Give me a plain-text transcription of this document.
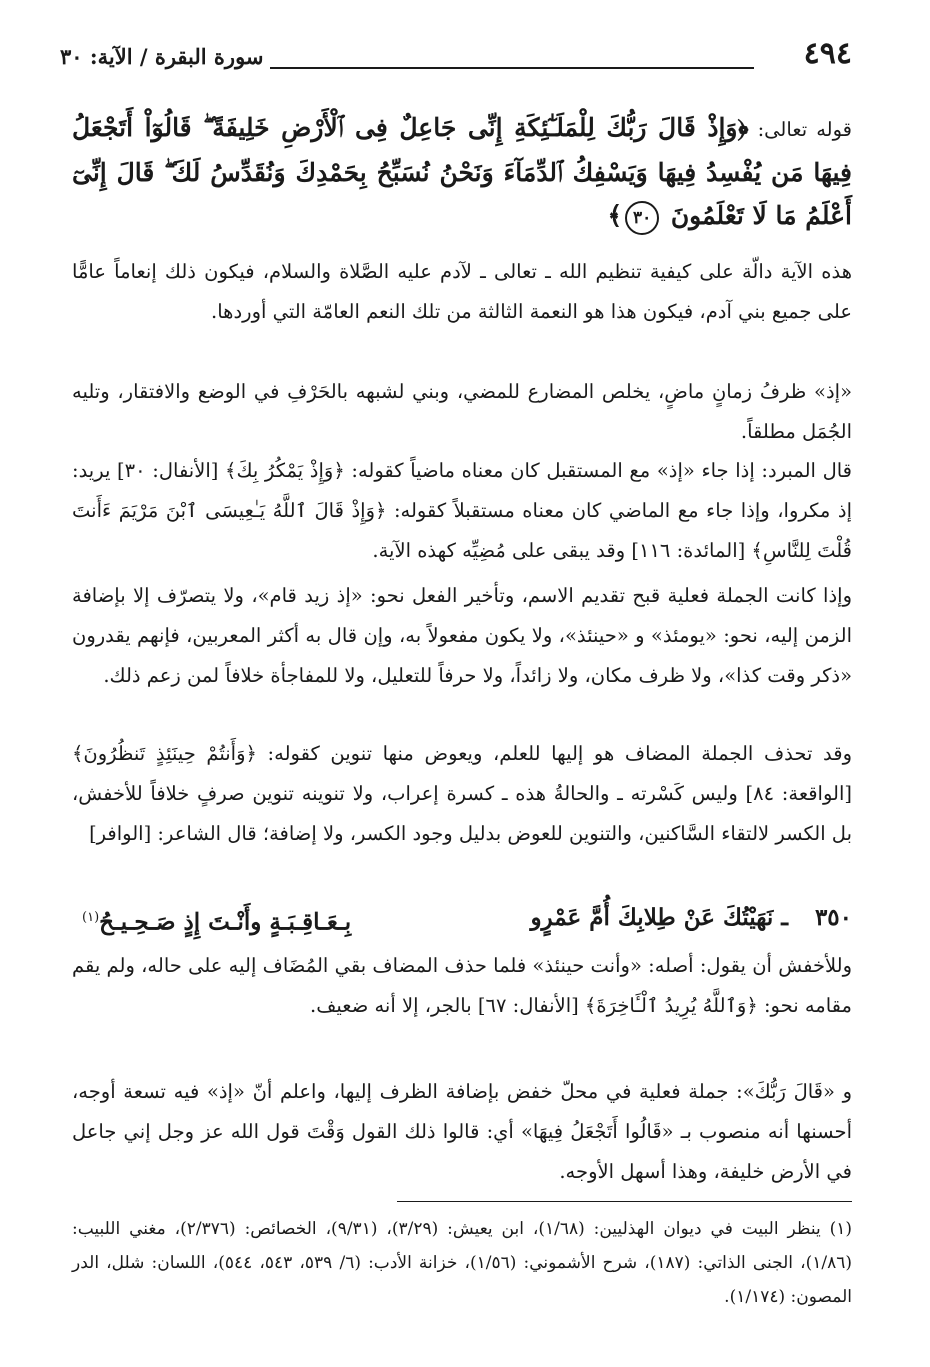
٤٩٤
سورة البقرة / الآية: ٣٠

قوله تعالى: ﴿وَإِذْ قَالَ رَبُّكَ لِلْمَلَـٰٓئِكَةِ إِنِّى جَاعِلٌ فِى ٱلْأَرْضِ خَلِيفَةً ۖ قَالُوٓاْ أَتَجْعَلُ فِيهَا مَن يُفْسِدُ فِيهَا وَيَسْفِكُ ٱلدِّمَآءَ وَنَحْنُ نُسَبِّحُ بِحَمْدِكَ وَنُقَدِّسُ لَكَ ۖ قَالَ إِنِّىٓ أَعْلَمُ مَا لَا تَعْلَمُونَ ٣٠﴾

هذه الآية دالّة على كيفية تنظيم الله ـ تعالى ـ لآدم عليه الصَّلاة والسلام، فيكون ذلك إنعاماً عامًّا على جميع بني آدم، فيكون هذا هو النعمة الثالثة من تلك النعم العامّة التي أوردها.

«إذ» ظرفُ زمانٍ ماضٍ، يخلص المضارع للمضي، وبني لشبهه بالحَرْفِ في الوضع والافتقار، وتليه الجُمَل مطلقاً.

قال المبرد: إذا جاء «إذ» مع المستقبل كان معناه ماضياً كقوله: ﴿وَإِذْ يَمْكُرُ بِكَ﴾ [الأنفال: ٣٠] يريد: إذ مكروا، وإذا جاء مع الماضي كان معناه مستقبلاً كقوله: ﴿وَإِذْ قَالَ ٱللَّهُ يَـٰعِيسَى ٱبْنَ مَرْيَمَ ءَأَنتَ قُلْتَ لِلنَّاسِ﴾ [المائدة: ١١٦] وقد يبقى على مُضِيِّه كهذه الآية.

وإذا كانت الجملة فعلية قبح تقديم الاسم، وتأخير الفعل نحو: «إذ زيد قام»، ولا يتصرّف إلا بإضافة الزمن إليه، نحو: «يومئذ» و «حينئذ»، ولا يكون مفعولاً به، وإن قال به أكثر المعربين، فإنهم يقدرون «ذكر وقت كذا»، ولا ظرف مكان، ولا زائداً، ولا حرفاً للتعليل، ولا للمفاجأة خلافاً لمن زعم ذلك.

وقد تحذف الجملة المضاف هو إليها للعلم، ويعوض منها تنوين كقوله: ﴿وَأَنتُمْ حِينَئِذٍ تَنظُرُونَ﴾ [الواقعة: ٨٤] وليس كَسْرته ـ والحالةُ هذه ـ كسرة إعراب، ولا تنوينه تنوين صرفٍ خلافاً للأخفش، بل الكسر لالتقاء السَّاكنين، والتنوين للعوض بدليل وجود الكسر، ولا إضافة؛ قال الشاعر: [الوافر]

٣٥٠
ـ نَهَيْتُكَ عَنْ طِلابِكَ أُمَّ عَمْرٍو
بِـعَـاقِـبَـةٍ وأَنْـتَ إِذٍ صَـحِـيـحُ$^{(١)}$

وللأخفش أن يقول: أصله: «وأنت حينئذ» فلما حذف المضاف بقي المُضَاف إليه على حاله، ولم يقم مقامه نحو: ﴿وَٱللَّهُ يُرِيدُ ٱلْـَٔاخِرَةَ﴾ [الأنفال: ٦٧] بالجر، إلا أنه ضعيف.

و «قَالَ رَبُّكَ»: جملة فعلية في محلّ خفض بإضافة الظرف إليها، واعلم أنّ «إذ» فيه تسعة أوجه، أحسنها أنه منصوب بـ «قَالُوا أَتَجْعَلُ فِيهَا» أي: قالوا ذلك القول وَقْتَ قول الله عز وجل إني جاعل في الأرض خليفة، وهذا أسهل الأوجه.

(١) ينظر البيت في ديوان الهذليين: (١/٦٨)، ابن يعيش: (٣/٢٩)، (٩/٣١)، الخصائص: (٢/٣٧٦)، مغني اللبيب: (١/٨٦)، الجنى الذاتي: (١٨٧)، شرح الأشموني: (١/٥٦)، خزانة الأدب: (٦/ ٥٣٩، ٥٤٣، ٥٤٤)، اللسان: شلل، الدر المصون: (١/١٧٤).
